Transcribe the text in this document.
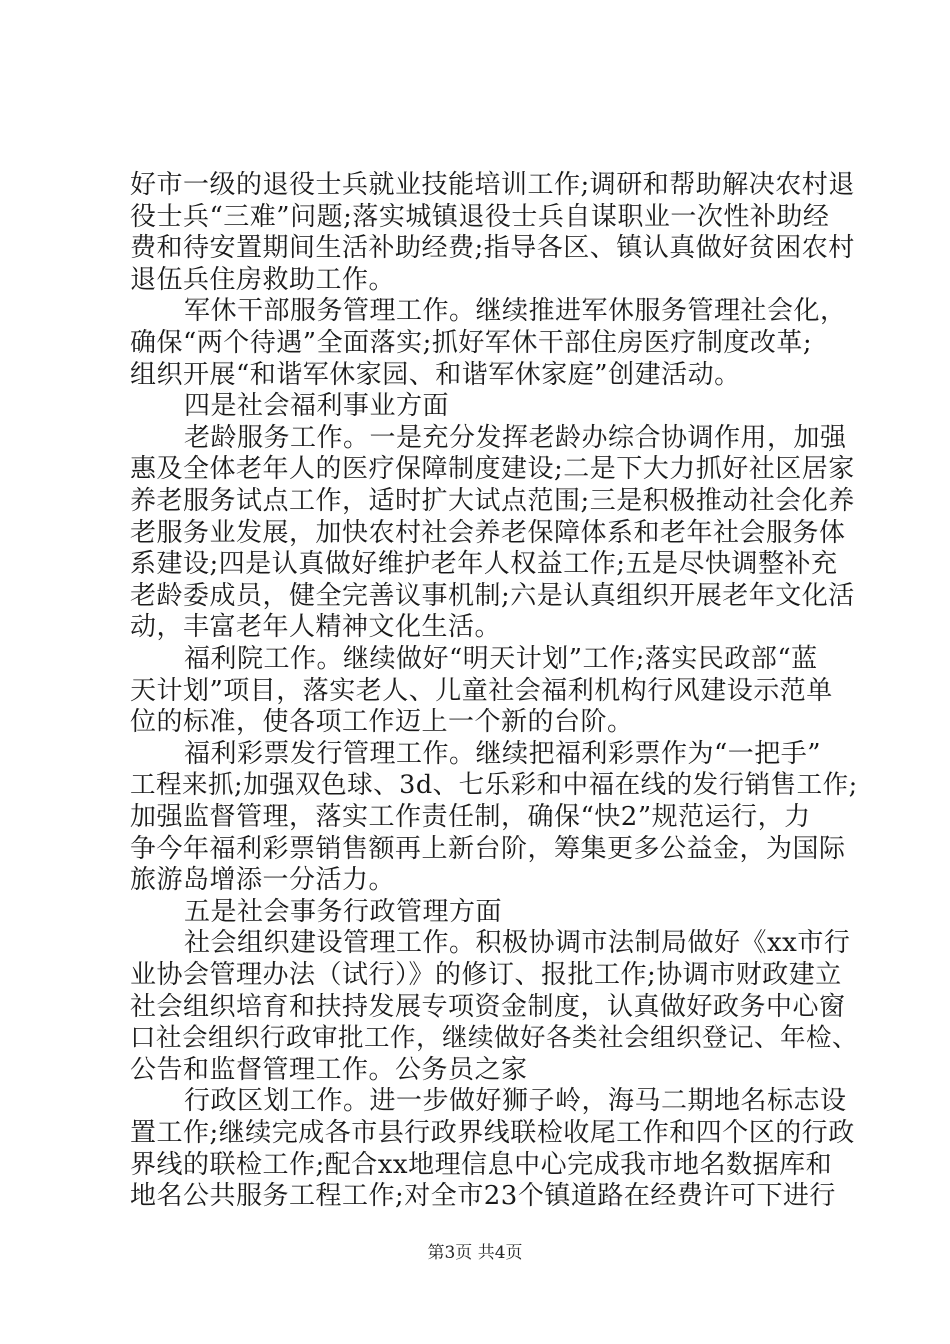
好市一级的退役士兵就业技能培训工作;调研和帮助解决农村退
役士兵“三难”问题;落实城镇退役士兵自谋职业一次性补助经
费和待安置期间生活补助经费;指导各区、镇认真做好贫困农村
退伍兵住房救助工作。
军休干部服务管理工作。继续推进军休服务管理社会化，
确保“两个待遇”全面落实;抓好军休干部住房医疗制度改革;
组织开展“和谐军休家园、和谐军休家庭”创建活动。
四是社会福利事业方面
老龄服务工作。一是充分发挥老龄办综合协调作用，加强
惠及全体老年人的医疗保障制度建设;二是下大力抓好社区居家
养老服务试点工作，适时扩大试点范围;三是积极推动社会化养
老服务业发展，加快农村社会养老保障体系和老年社会服务体
系建设;四是认真做好维护老年人权益工作;五是尽快调整补充
老龄委成员，健全完善议事机制;六是认真组织开展老年文化活
动，丰富老年人精神文化生活。
福利院工作。继续做好“明天计划”工作;落实民政部“蓝
天计划”项目，落实老人、儿童社会福利机构行风建设示范单
位的标准，使各项工作迈上一个新的台阶。
福利彩票发行管理工作。继续把福利彩票作为“一把手”
工程来抓;加强双色球、3d、七乐彩和中福在线的发行销售工作;
加强监督管理，落实工作责任制，确保“快2”规范运行，力
争今年福利彩票销售额再上新台阶，筹集更多公益金，为国际
旅游岛增添一分活力。
五是社会事务行政管理方面
社会组织建设管理工作。积极协调市法制局做好《xx市行
业协会管理办法（试行）》的修订、报批工作;协调市财政建立
社会组织培育和扶持发展专项资金制度，认真做好政务中心窗
口社会组织行政审批工作，继续做好各类社会组织登记、年检、
公告和监督管理工作。公务员之家
行政区划工作。进一步做好狮子岭，海马二期地名标志设
置工作;继续完成各市县行政界线联检收尾工作和四个区的行政
界线的联检工作;配合xx地理信息中心完成我市地名数据库和
地名公共服务工程工作;对全市23个镇道路在经费许可下进行
第3页 共4页
